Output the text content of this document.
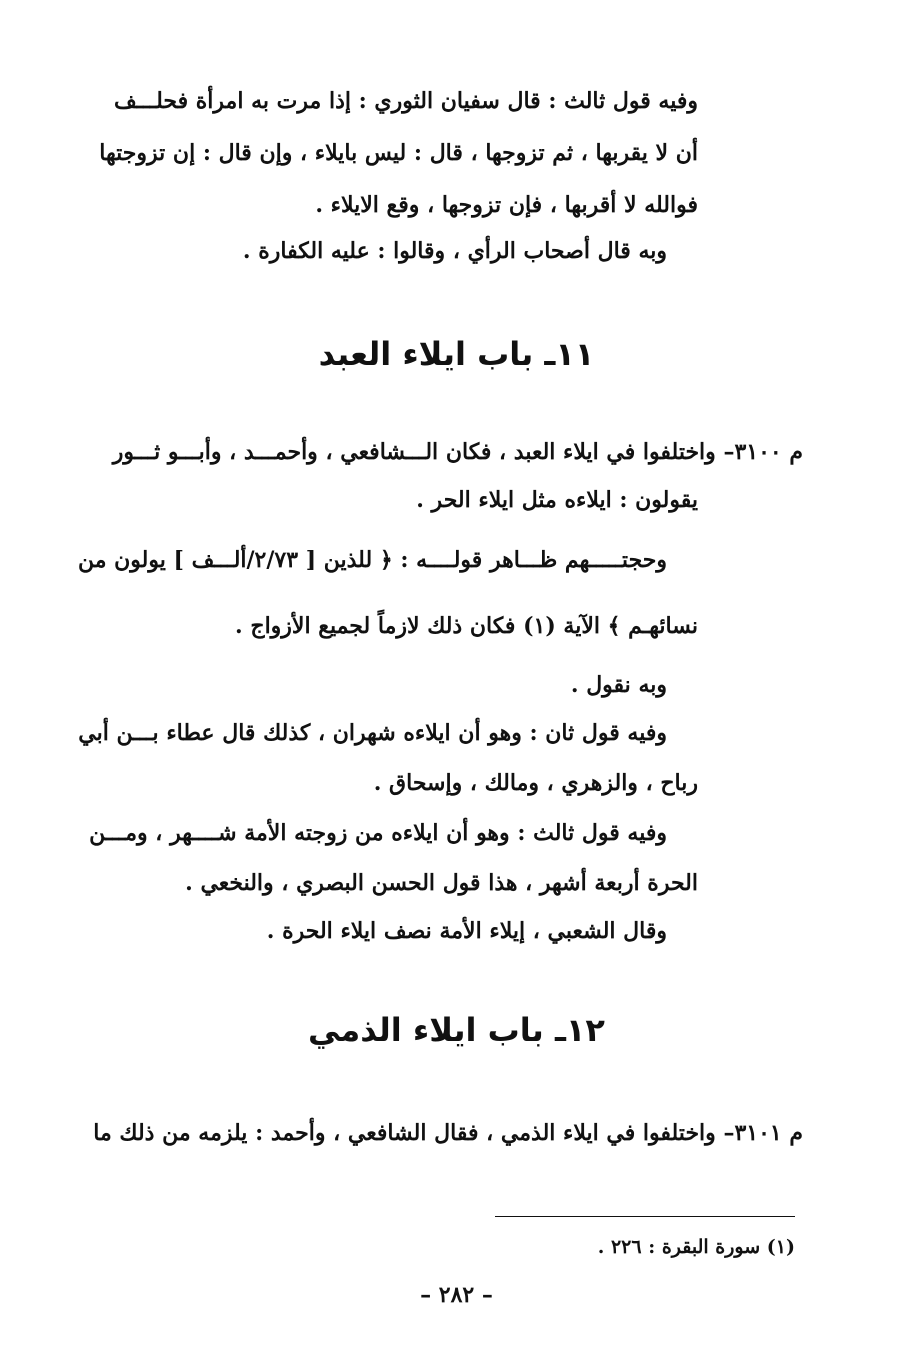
وفيه قول ثالث : قال سفيان الثوري : إذا مرت به امرأة فحلـــف
أن لا يقربها ، ثم تزوجها ، قال : ليس بايلاء ، وإن قال : إن تزوجتها
فوالله لا أقربها ، فإن تزوجها ، وقع الايلاء .
وبه قال أصحاب الرأي ، وقالوا : عليه الكفارة .
١١ـ باب ايلاء العبد
م ٣١٠٠– واختلفوا في ايلاء العبد ، فكان الـــشافعي ، وأحمـــد ، وأبـــو ثـــور
يقولون : ايلاءه مثل ايلاء الحر .
وحجتـــــهم ظـــاهر قولــــه : ﴿ للذين [ ٢/٧٣/ألـــف ] يولون من
نسائهـم ﴾ الآية (١) فكان ذلك لازماً لجميع الأزواج .
وبه نقول .
وفيه قول ثان : وهو أن ايلاءه شهران ، كذلك قال عطاء بـــن أبي
رباح ، والزهري ، ومالك ، وإسحاق .
وفيه قول ثالث : وهو أن ايلاءه من زوجته الأمة شــــهر ، ومـــن
الحرة أربعة أشهر ، هذا قول الحسن البصري ، والنخعي .
وقال الشعبي ، إيلاء الأمة نصف ايلاء الحرة .
١٢ـ باب ايلاء الذمي
م ٣١٠١– واختلفوا في ايلاء الذمي ، فقال الشافعي ، وأحمد : يلزمه من ذلك ما
(١) سورة البقرة : ٢٢٦ .
– ٢٨٢ –
